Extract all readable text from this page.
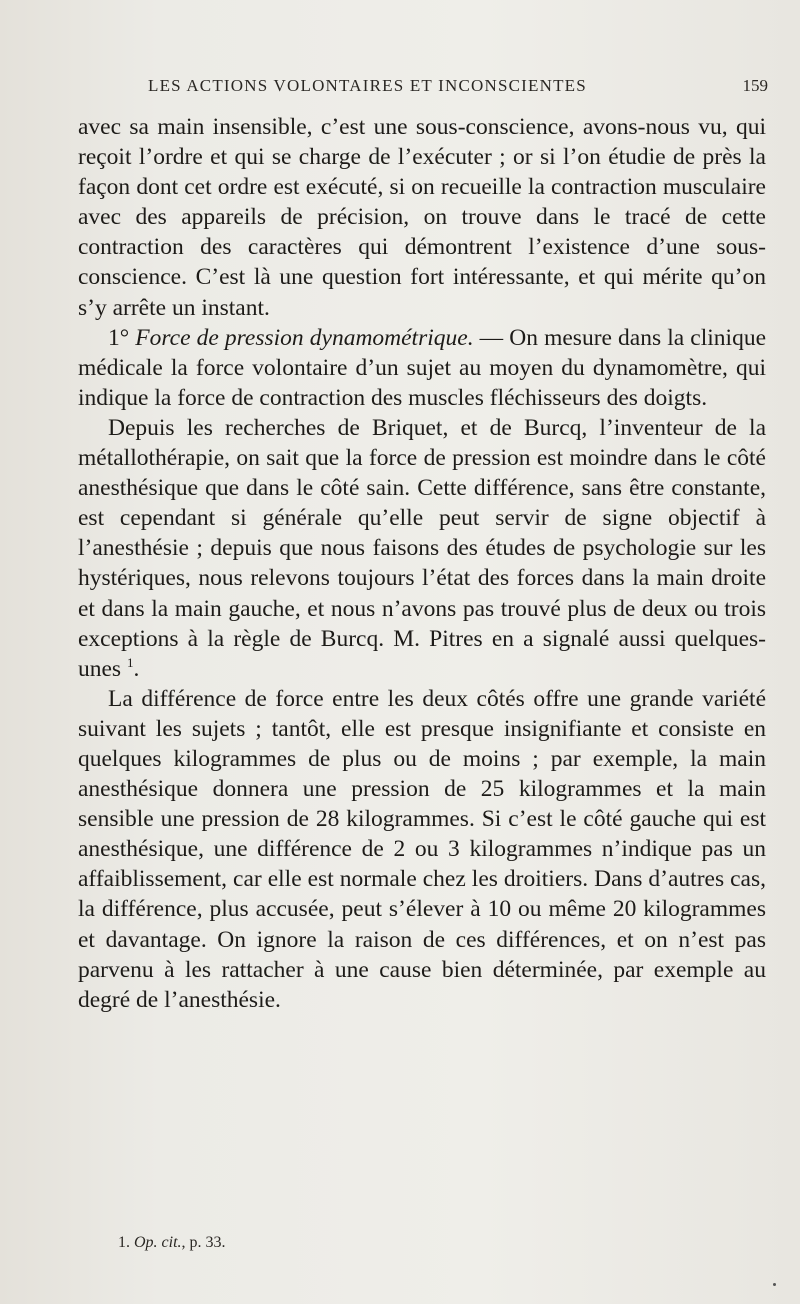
LES ACTIONS VOLONTAIRES ET INCONSCIENTES	159

avec sa main insensible, c’est une sous-conscience, avons-nous vu, qui reçoit l’ordre et qui se charge de l’exécuter ; or si l’on étudie de près la façon dont cet ordre est exécuté, si on recueille la contraction musculaire avec des appareils de précision, on trouve dans le tracé de cette contraction des caractères qui démontrent l’existence d’une sous-conscience. C’est là une question fort intéressante, et qui mérite qu’on s’y arrête un instant.

1° Force de pression dynamométrique. — On mesure dans la clinique médicale la force volontaire d’un sujet au moyen du dynamomètre, qui indique la force de contraction des muscles fléchisseurs des doigts.

Depuis les recherches de Briquet, et de Burcq, l’inventeur de la métallothérapie, on sait que la force de pression est moindre dans le côté anesthésique que dans le côté sain. Cette différence, sans être constante, est cependant si générale qu’elle peut servir de signe objectif à l’anesthésie ; depuis que nous faisons des études de psychologie sur les hystériques, nous relevons toujours l’état des forces dans la main droite et dans la main gauche, et nous n’avons pas trouvé plus de deux ou trois exceptions à la règle de Burcq. M. Pitres en a signalé aussi quelques-unes $^1$.

La différence de force entre les deux côtés offre une grande variété suivant les sujets ; tantôt, elle est presque insignifiante et consiste en quelques kilogrammes de plus ou de moins ; par exemple, la main anesthésique donnera une pression de 25 kilogrammes et la main sensible une pression de 28 kilogrammes. Si c’est le côté gauche qui est anesthésique, une différence de 2 ou 3 kilogrammes n’indique pas un affaiblissement, car elle est normale chez les droitiers. Dans d’autres cas, la différence, plus accusée, peut s’élever à 10 ou même 20 kilogrammes et davantage. On ignore la raison de ces différences, et on n’est pas parvenu à les rattacher à une cause bien déterminée, par exemple au degré de l’anesthésie.

1. Op. cit., p. 33.
